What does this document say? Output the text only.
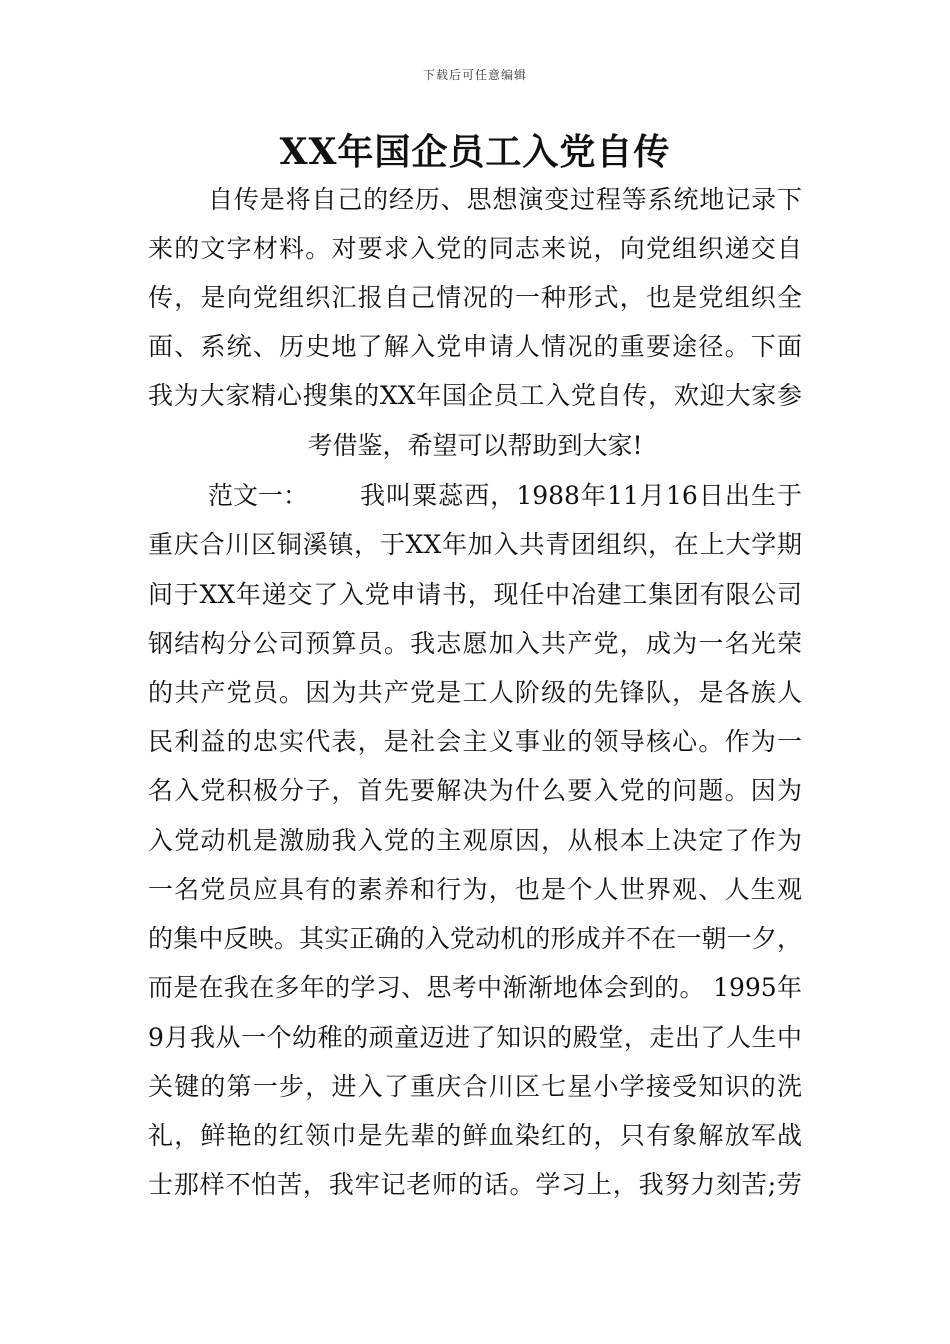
下载后可任意编辑
XX年国企员工入党自传
自传是将自己的经历、思想演变过程等系统地记录下
来的文字材料。对要求入党的同志来说，向党组织递交自
传，是向党组织汇报自己情况的一种形式，也是党组织全
面、系统、历史地了解入党申请人情况的重要途径。下面
我为大家精心搜集的XX年国企员工入党自传，欢迎大家参
考借鉴，希望可以帮助到大家!
范文一： 我叫粟蕊西，1988年11月16日出生于
重庆合川区铜溪镇，于XX年加入共青团组织，在上大学期
间于XX年递交了入党申请书，现任中冶建工集团有限公司
钢结构分公司预算员。我志愿加入共产党，成为一名光荣
的共产党员。因为共产党是工人阶级的先锋队，是各族人
民利益的忠实代表，是社会主义事业的领导核心。作为一
名入党积极分子，首先要解决为什么要入党的问题。因为
入党动机是激励我入党的主观原因，从根本上决定了作为
一名党员应具有的素养和行为，也是个人世界观、人生观
的集中反映。其实正确的入党动机的形成并不在一朝一夕，
而是在我在多年的学习、思考中渐渐地体会到的。 1995年
9月我从一个幼稚的顽童迈进了知识的殿堂，走出了人生中
关键的第一步，进入了重庆合川区七星小学接受知识的洗
礼，鲜艳的红领巾是先辈的鲜血染红的，只有象解放军战
士那样不怕苦，我牢记老师的话。学习上，我努力刻苦;劳
